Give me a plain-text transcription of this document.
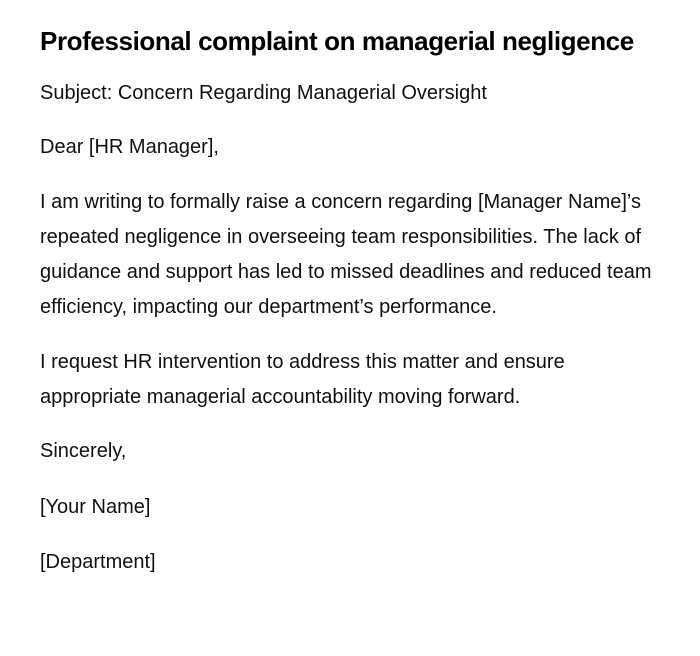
Professional complaint on managerial negligence

Subject: Concern Regarding Managerial Oversight

Dear [HR Manager],

I am writing to formally raise a concern regarding [Manager Name]’s repeated negligence in overseeing team responsibilities. The lack of guidance and support has led to missed deadlines and reduced team efficiency, impacting our department’s performance.

I request HR intervention to address this matter and ensure appropriate managerial accountability moving forward.

Sincerely,

[Your Name]

[Department]
